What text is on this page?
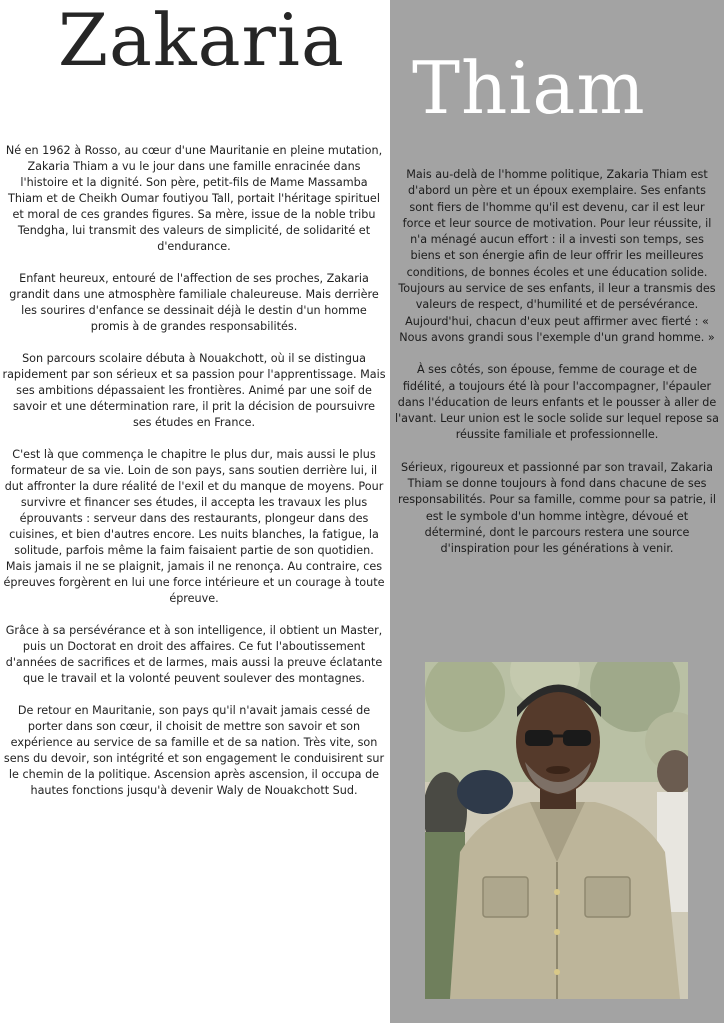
Zakaria

Né en 1962 à Rosso, au cœur d'une Mauritanie en pleine mutation, Zakaria Thiam a vu le jour dans une famille enracinée dans l'histoire et la dignité. Son père, petit-fils de Mame Massamba Thiam et de Cheikh Oumar foutiyou Tall, portait l'héritage spirituel et moral de ces grandes figures. Sa mère, issue de la noble tribu Tendgha, lui transmit des valeurs de simplicité, de solidarité et d'endurance.

Enfant heureux, entouré de l'affection de ses proches, Zakaria grandit dans une atmosphère familiale chaleureuse. Mais derrière les sourires d'enfance se dessinait déjà le destin d'un homme promis à de grandes responsabilités.

Son parcours scolaire débuta à Nouakchott, où il se distingua rapidement par son sérieux et sa passion pour l'apprentissage. Mais ses ambitions dépassaient les frontières. Animé par une soif de savoir et une détermination rare, il prit la décision de poursuivre ses études en France.

C'est là que commença le chapitre le plus dur, mais aussi le plus formateur de sa vie. Loin de son pays, sans soutien derrière lui, il dut affronter la dure réalité de l'exil et du manque de moyens. Pour survivre et financer ses études, il accepta les travaux les plus éprouvants : serveur dans des restaurants, plongeur dans des cuisines, et bien d'autres encore. Les nuits blanches, la fatigue, la solitude, parfois même la faim faisaient partie de son quotidien. Mais jamais il ne se plaignit, jamais il ne renonça. Au contraire, ces épreuves forgèrent en lui une force intérieure et un courage à toute épreuve.

Grâce à sa persévérance et à son intelligence, il obtient un Master, puis un Doctorat en droit des affaires. Ce fut l'aboutissement d'années de sacrifices et de larmes, mais aussi la preuve éclatante que le travail et la volonté peuvent soulever des montagnes.

De retour en Mauritanie, son pays qu'il n'avait jamais cessé de porter dans son cœur, il choisit de mettre son savoir et son expérience au service de sa famille et de sa nation. Très vite, son sens du devoir, son intégrité et son engagement le conduisirent sur le chemin de la politique. Ascension après ascension, il occupa de hautes fonctions jusqu'à devenir Waly de Nouakchott Sud.

Thiam

Mais au-delà de l'homme politique, Zakaria Thiam est d'abord un père et un époux exemplaire. Ses enfants sont fiers de l'homme qu'il est devenu, car il est leur force et leur source de motivation. Pour leur réussite, il n'a ménagé aucun effort : il a investi son temps, ses biens et son énergie afin de leur offrir les meilleures conditions, de bonnes écoles et une éducation solide. Toujours au service de ses enfants, il leur a transmis des valeurs de respect, d'humilité et de persévérance. Aujourd'hui, chacun d'eux peut affirmer avec fierté : « Nous avons grandi sous l'exemple d'un grand homme. »

À ses côtés, son épouse, femme de courage et de fidélité, a toujours été là pour l'accompagner, l'épauler dans l'éducation de leurs enfants et le pousser à aller de l'avant. Leur union est le socle solide sur lequel repose sa réussite familiale et professionnelle.

Sérieux, rigoureux et passionné par son travail, Zakaria Thiam se donne toujours à fond dans chacune de ses responsabilités. Pour sa famille, comme pour sa patrie, il est le symbole d'un homme intègre, dévoué et déterminé, dont le parcours restera une source d'inspiration pour les générations à venir.
